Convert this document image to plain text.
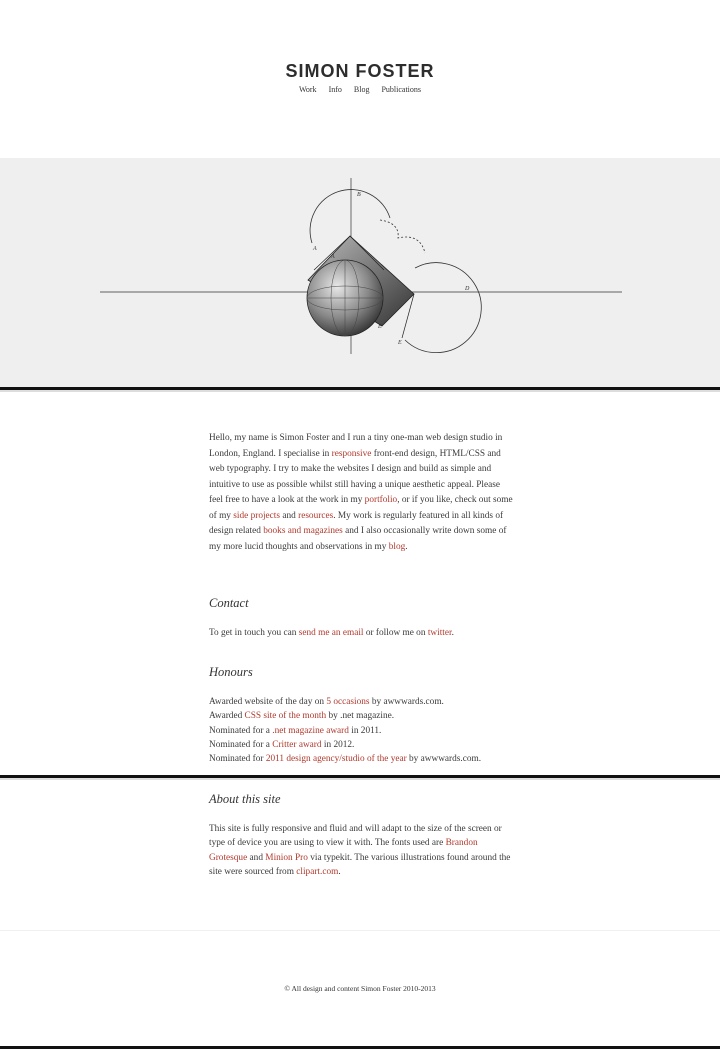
SIMON FOSTER
Work Info Blog Publications
B
A
A
D
E
E'

Hello, my name is Simon Foster and I run a tiny one-man web design studio in London, England. I specialise in responsive front-end design, HTML/CSS and web typography. I try to make the websites I design and build as simple and intuitive to use as possible whilst still having a unique aesthetic appeal. Please feel free to have a look at the work in my portfolio, or if you like, check out some of my side projects and resources. My work is regularly featured in all kinds of design related books and magazines and I also occasionally write down some of my more lucid thoughts and observations in my blog.

Contact

To get in touch you can send me an email or follow me on twitter.

Honours
Awarded website of the day on 5 occasions by awwwards.com.
Awarded CSS site of the month by .net magazine.
Nominated for a .net magazine award in 2011.
Nominated for a Critter award in 2012.
Nominated for 2011 design agency/studio of the year by awwwards.com.
About this site

This site is fully responsive and fluid and will adapt to the size of the screen or type of device you are using to view it with. The fonts used are Brandon Grotesque and Minion Pro via typekit. The various illustrations found around the site were sourced from clipart.com.

© All design and content Simon Foster 2010-2013
